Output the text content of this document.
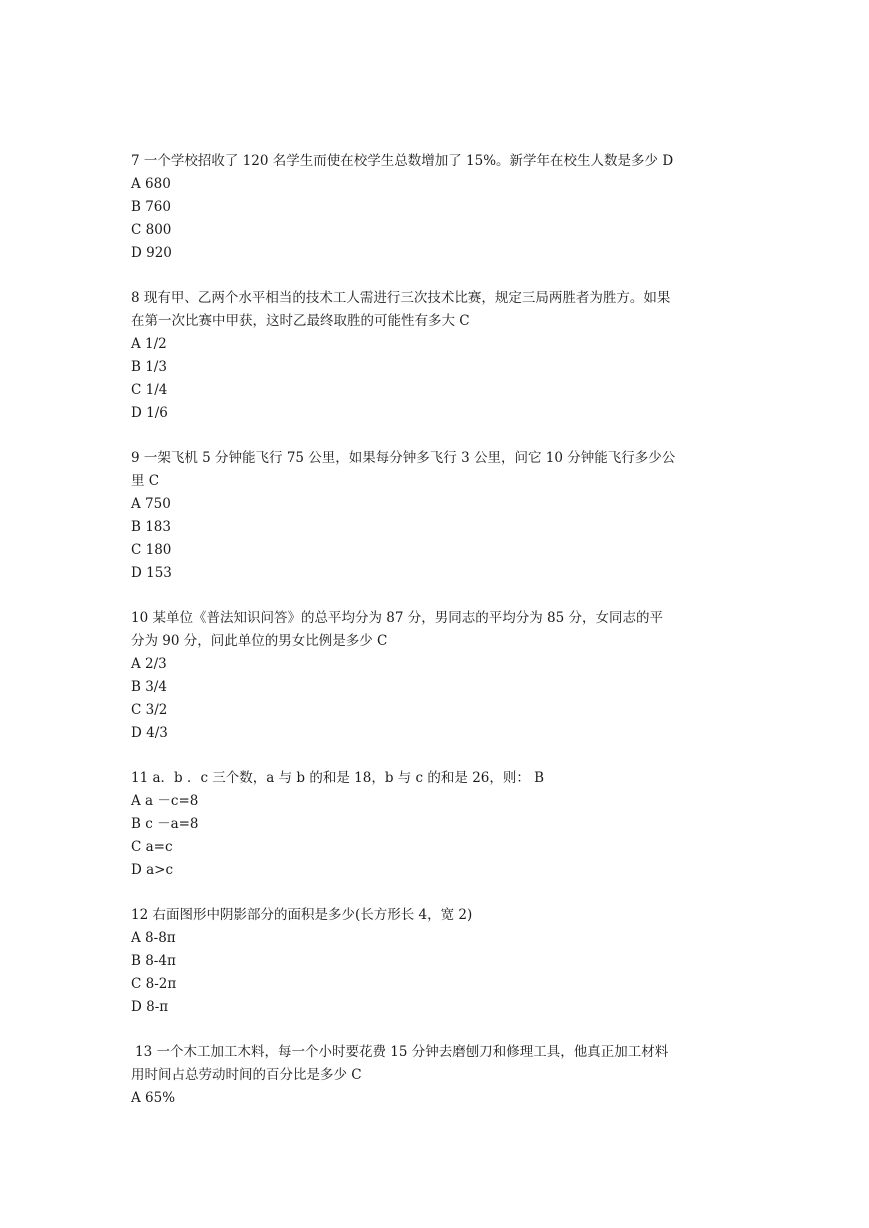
7 一个学校招收了 120 名学生而使在校学生总数增加了 15%。新学年在校生人数是多少 D

A 680

B 760

C 800

D 920

8 现有甲、乙两个水平相当的技术工人需进行三次技术比赛，规定三局两胜者为胜方。如果

在第一次比赛中甲获，这时乙最终取胜的可能性有多大 C

A 1/2

B 1/3

C 1/4

D 1/6

9 一架飞机 5 分钟能飞行 75 公里，如果每分钟多飞行 3 公里，问它 10 分钟能飞行多少公

里 C

A 750

B 183

C 180

D 153

10 某单位《普法知识问答》的总平均分为 87 分，男同志的平均分为 85 分，女同志的平

分为 90 分，问此单位的男女比例是多少 C

A 2/3

B 3/4

C 3/2

D 4/3

11 a．b ．c 三个数，a 与 b 的和是 18，b 与 c 的和是 26，则： B

A a －c=8

B c －a=8

C a=c

D a>c

12 右面图形中阴影部分的面积是多少(长方形长 4，宽 2)

A 8-8π

B 8-4π

C 8-2π

D 8-π

13 一个木工加工木料，每一个小时要花费 15 分钟去磨刨刀和修理工具，他真正加工材料

用时间占总劳动时间的百分比是多少 C

A 65%
